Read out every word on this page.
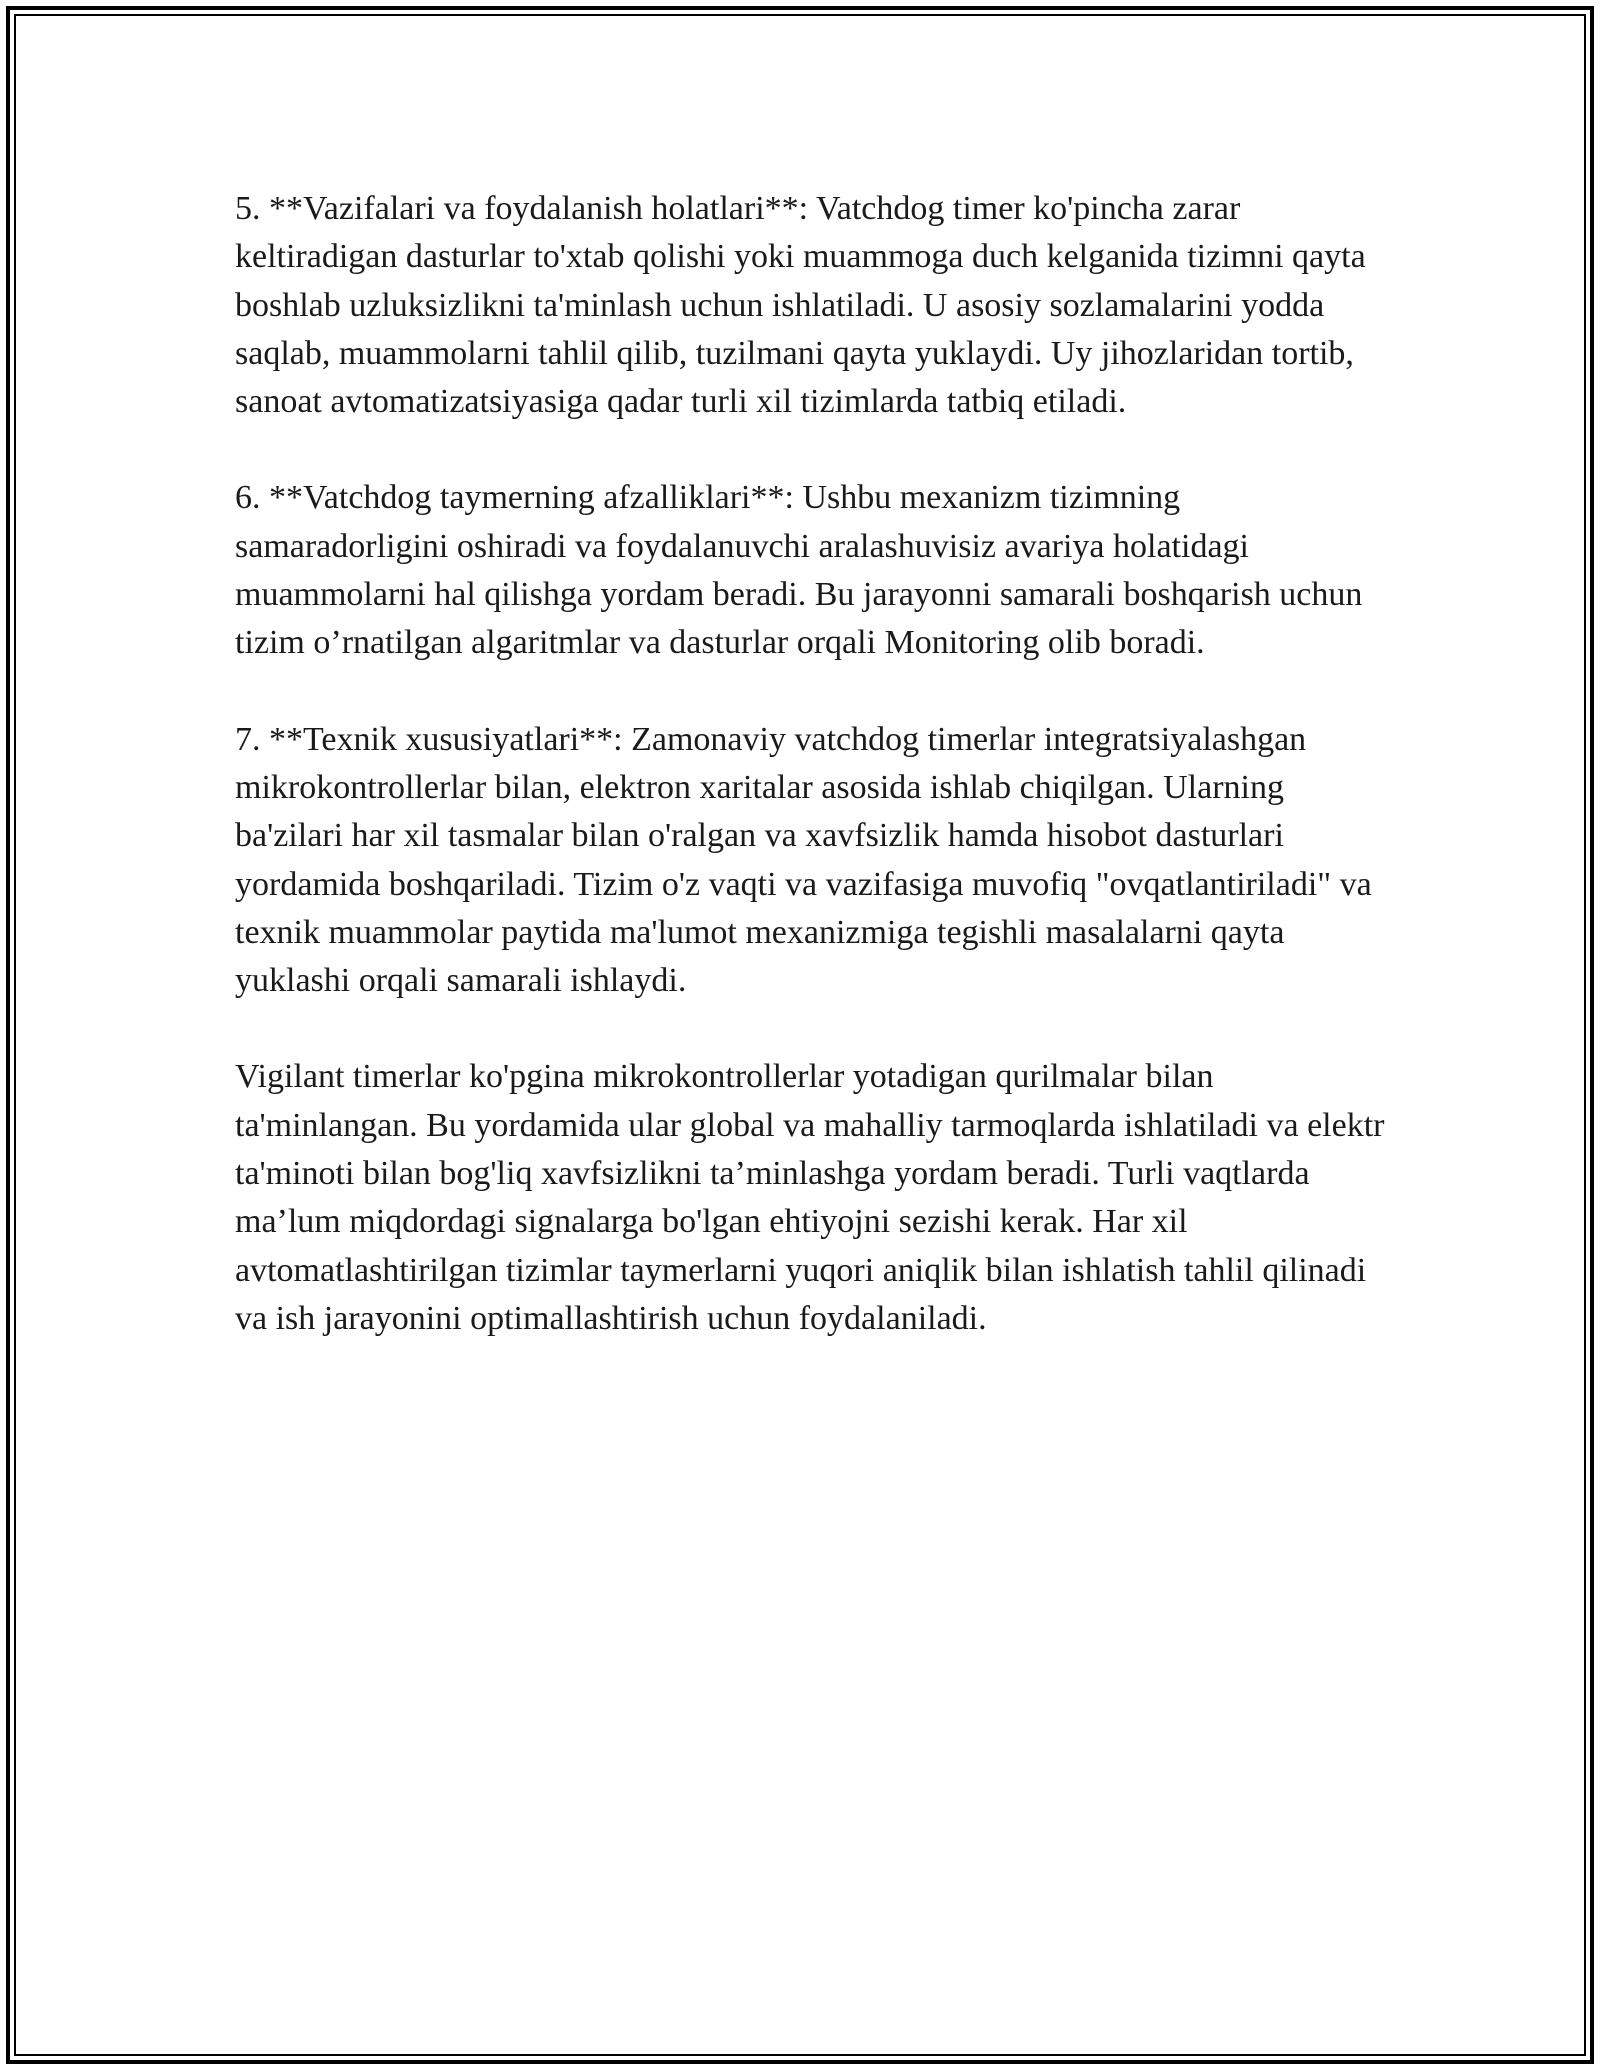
5. **Vazifalari va foydalanish holatlari**: Vatchdog timer ko'pincha zarar keltiradigan dasturlar to'xtab qolishi yoki muammoga duch kelganida tizimni qayta boshlab uzluksizlikni ta'minlash uchun ishlatiladi. U asosiy sozlamalarini yodda saqlab, muammolarni tahlil qilib, tuzilmani qayta yuklaydi. Uy jihozlaridan tortib, sanoat avtomatizatsiyasiga qadar turli xil tizimlarda tatbiq etiladi.

6. **Vatchdog taymerning afzalliklari**: Ushbu mexanizm tizimning samaradorligini oshiradi va foydalanuvchi aralashuvisiz avariya holatidagi muammolarni hal qilishga yordam beradi. Bu jarayonni samarali boshqarish uchun tizim o’rnatilgan algaritmlar va dasturlar orqali Monitoring olib boradi.

7. **Texnik xususiyatlari**: Zamonaviy vatchdog timerlar integratsiyalashgan mikrokontrollerlar bilan, elektron xaritalar asosida ishlab chiqilgan. Ularning ba'zilari har xil tasmalar bilan o'ralgan va xavfsizlik hamda hisobot dasturlari yordamida boshqariladi. Tizim o'z vaqti va vazifasiga muvofiq "ovqatlantiriladi" va texnik muammolar paytida ma'lumot mexanizmiga tegishli masalalarni qayta yuklashi orqali samarali ishlaydi.

Vigilant timerlar ko'pgina mikrokontrollerlar yotadigan qurilmalar bilan ta'minlangan. Bu yordamida ular global va mahalliy tarmoqlarda ishlatiladi va elektr ta'minoti bilan bog'liq xavfsizlikni ta’minlashga yordam beradi. Turli vaqtlarda ma’lum miqdordagi signalarga bo'lgan ehtiyojni sezishi kerak. Har xil avtomatlashtirilgan tizimlar taymerlarni yuqori aniqlik bilan ishlatish tahlil qilinadi va ish jarayonini optimallashtirish uchun foydalaniladi.
